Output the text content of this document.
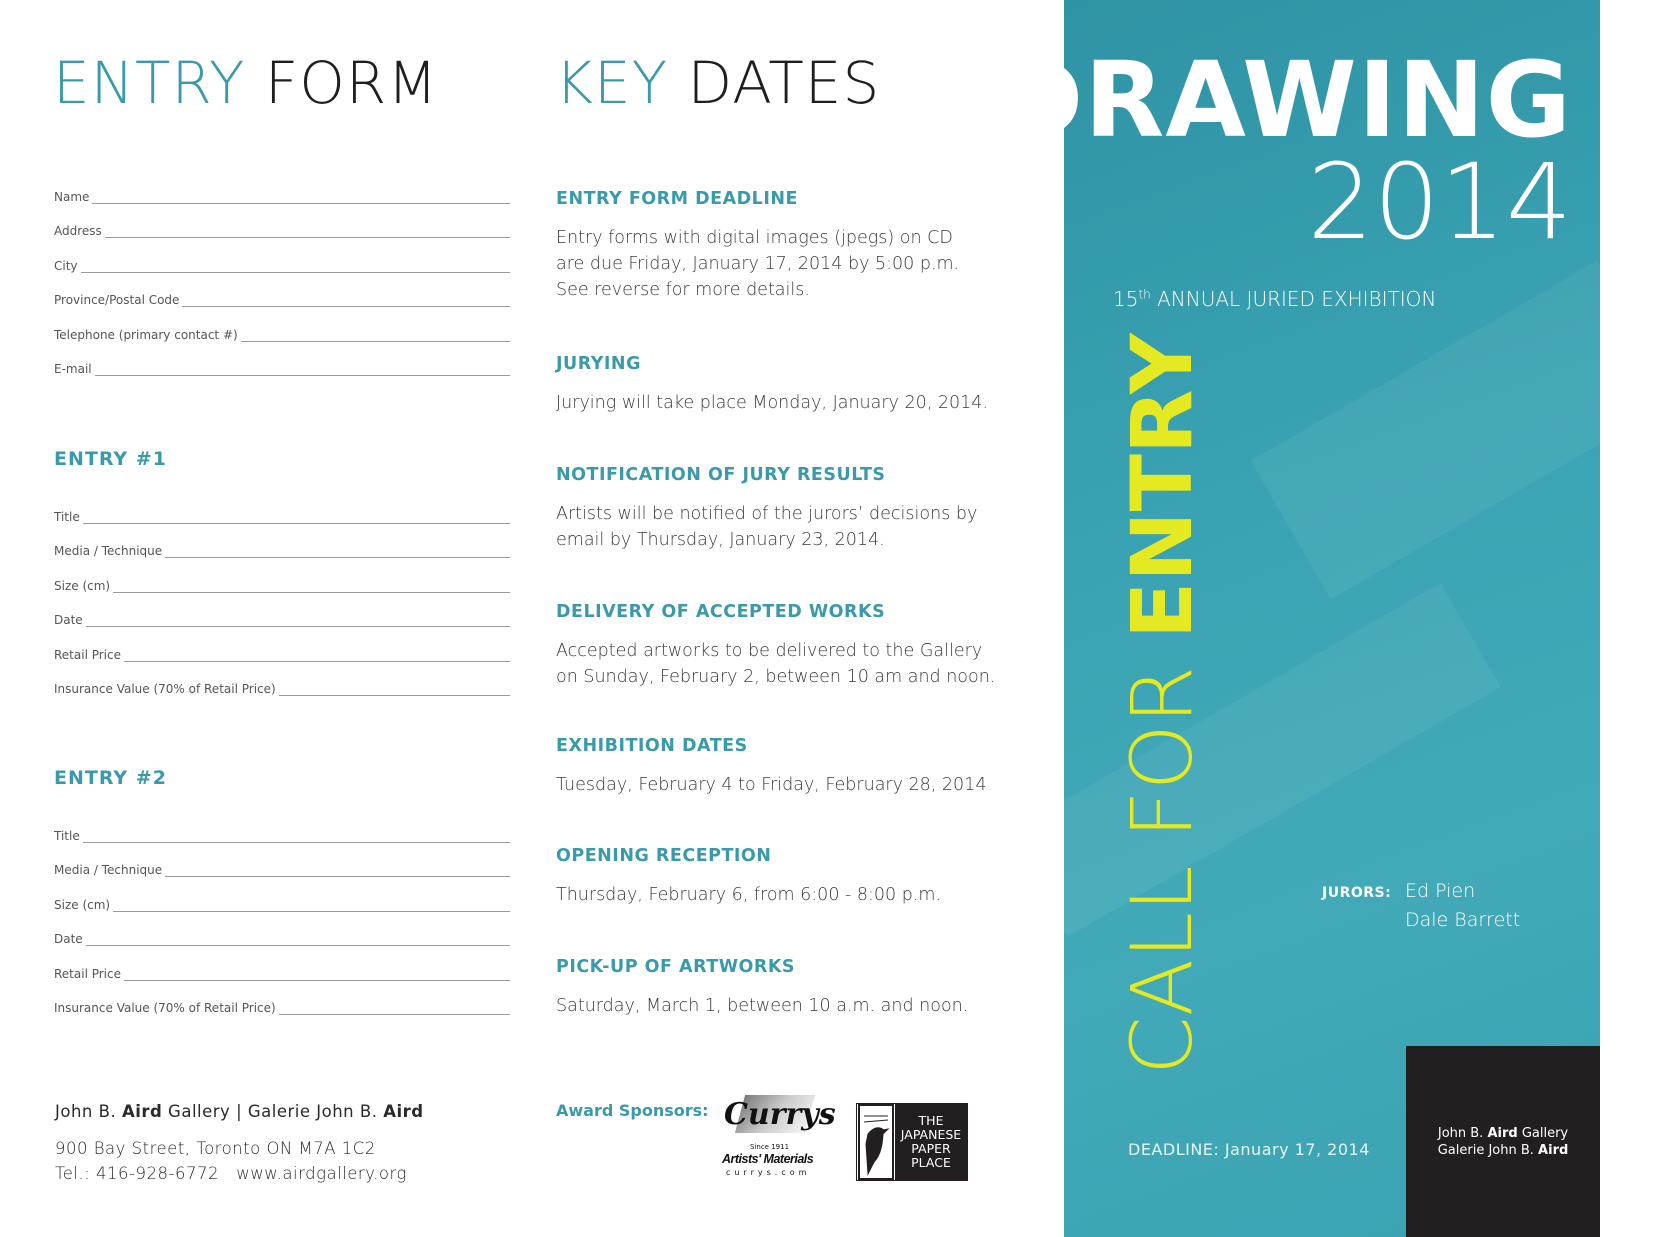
ENTRY FORM
Name
Address
City
Province/Postal Code
Telephone (primary contact #)
E-mail
ENTRY #1
Title
Media / Technique
Size (cm)
Date
Retail Price
Insurance Value (70% of Retail Price)
ENTRY #2
Title
Media / Technique
Size (cm)
Date
Retail Price
Insurance Value (70% of Retail Price)
John B. Aird Gallery | Galerie John B. Aird
900 Bay Street, Toronto ON M7A 1C2
Tel.: 416-928-6772 www.airdgallery.org
KEY DATES
ENTRY FORM DEADLINE
Entry forms with digital images (jpegs) on CD
are due Friday, January 17, 2014 by 5:00 p.m.
See reverse for more details.
JURYING
Jurying will take place Monday, January 20, 2014.
NOTIFICATION OF JURY RESULTS
Artists will be notified of the jurors’ decisions by
email by Thursday, January 23, 2014.
DELIVERY OF ACCEPTED WORKS
Accepted artworks to be delivered to the Gallery
on Sunday, February 2, between 10 am and noon.
EXHIBITION DATES
Tuesday, February 4 to Friday, February 28, 2014
OPENING RECEPTION
Thursday, February 6, from 6:00 - 8:00 p.m.
PICK-UP OF ARTWORKS
Saturday, March 1, between 10 a.m. and noon.
Award Sponsors: Currys
Since 1911
Artists' Materials
currys.com
THE
JAPANESE
PAPER
PLACE
DRAWING
2014
15th ANNUAL JURIED EXHIBITION
JURORS: Ed Pien
Dale Barrett
DEADLINE: January 17, 2014
John B. Aird Gallery
Galerie John B. Aird
CALL FOR ENTRY
